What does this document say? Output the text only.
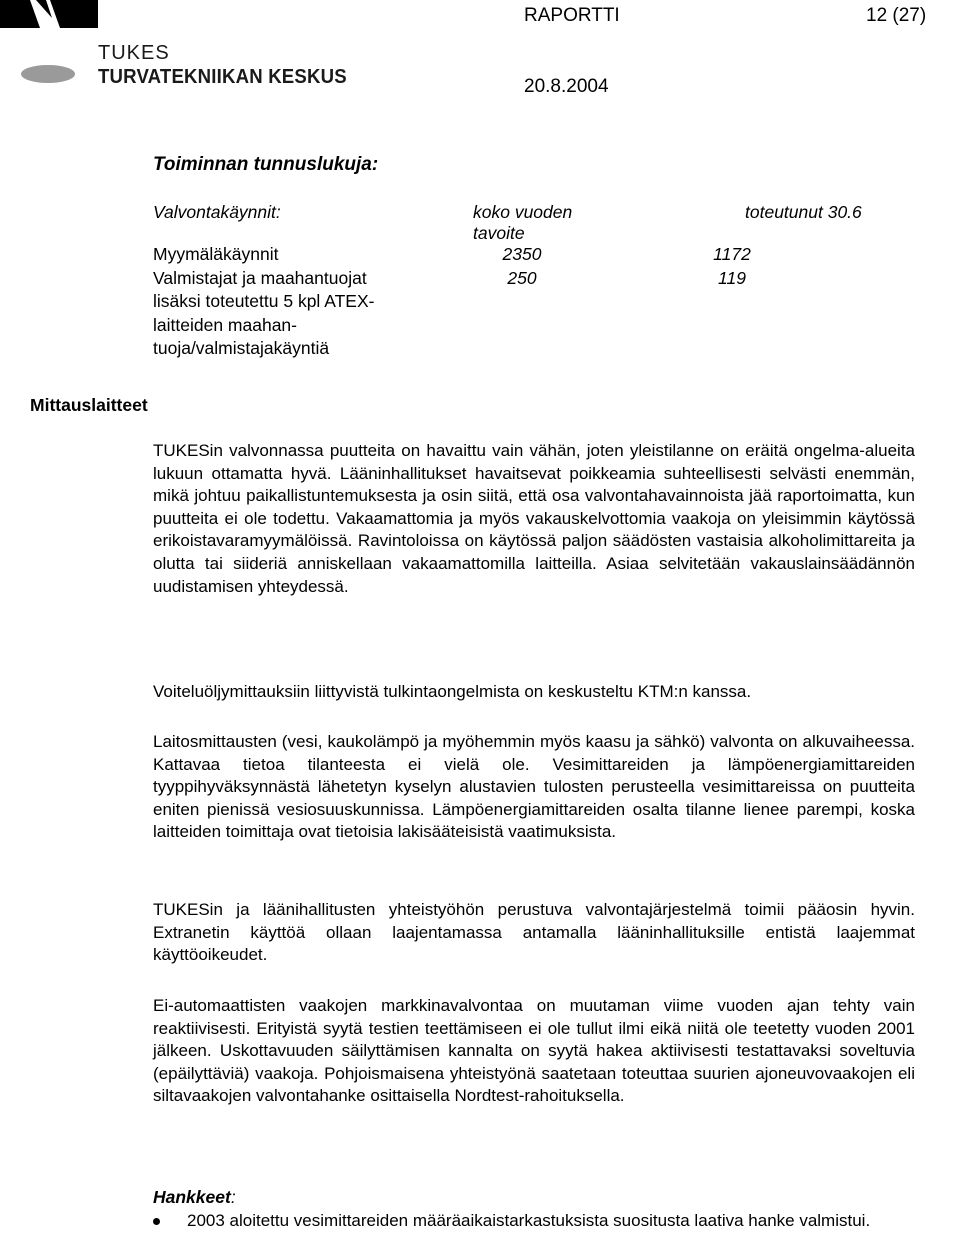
TUKES
TURVATEKNIIKAN KESKUS
RAPORTTI	12 (27)
20.8.2004
Toiminnan tunnuslukuja:
Valvontakäynnit:	koko vuoden tavoite	toteutunut 30.6
Myymäläkäynnit	2350	1172
Valmistajat ja maahantuojat	250	119
lisäksi toteutettu 5 kpl ATEX-		
laitteiden maahan-		
tuoja/valmistajakäyntiä		
Mittauslaitteet

TUKESin valvonnassa puutteita on havaittu vain vähän, joten yleistilanne on eräitä ongelma-alueita lukuun ottamatta hyvä. Lääninhallitukset havaitsevat poikkeamia suhteellisesti selvästi enemmän, mikä johtuu paikallistuntemuksesta ja osin siitä, että osa valvontahavainnoista jää raportoimatta, kun puutteita ei ole todettu. Vakaamattomia ja myös vakauskelvottomia vaakoja on yleisimmin käytössä erikoistavaramyymälöissä. Ravintoloissa on käytössä paljon säädösten vastaisia alkoholimittareita ja olutta tai siideriä anniskellaan vakaamattomilla laitteilla. Asiaa selvitetään vakauslainsäädännön uudistamisen yhteydessä.

Voiteluöljymittauksiin liittyvistä tulkintaongelmista on keskusteltu KTM:n kanssa.

Laitosmittausten (vesi, kaukolämpö ja myöhemmin myös kaasu ja sähkö) valvonta on alkuvaiheessa. Kattavaa tietoa tilanteesta ei vielä ole. Vesimittareiden ja lämpöenergiamittareiden tyyppihyväksynnästä lähetetyn kyselyn alustavien tulosten perusteella vesimittareissa on puutteita eniten pienissä vesiosuuskunnissa. Lämpöenergiamittareiden osalta tilanne lienee parempi, koska laitteiden toimittaja ovat tietoisia lakisääteisistä vaatimuksista.

TUKESin ja läänihallitusten yhteistyöhön perustuva valvontajärjestelmä toimii pääosin hyvin. Extranetin käyttöä ollaan laajentamassa antamalla lääninhallituksille entistä laajemmat käyttöoikeudet.

Ei-automaattisten vaakojen markkinavalvontaa on muutaman viime vuoden ajan tehty vain reaktiivisesti. Erityistä syytä testien teettämiseen ei ole tullut ilmi eikä niitä ole teetetty vuoden 2001 jälkeen. Uskottavuuden säilyttämisen kannalta on syytä hakea aktiivisesti testattavaksi soveltuvia (epäilyttäviä) vaakoja. Pohjoismaisena yhteistyönä saatetaan toteuttaa suurien ajoneuvovaakojen eli siltavaakojen valvontahanke osittaisella Nordtest-rahoituksella.

Hankkeet:
2003 aloitettu vesimittareiden määräaikaistarkastuksista suositusta laativa hanke valmistui.
